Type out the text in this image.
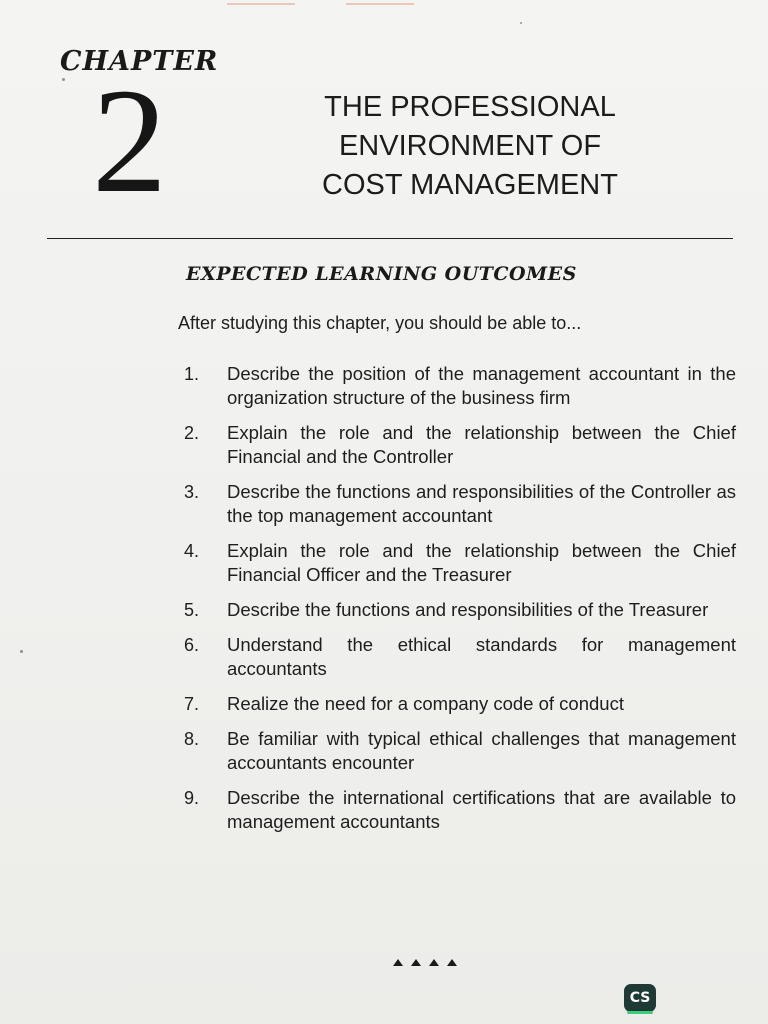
CHAPTER
2	THE PROFESSIONAL
ENVIRONMENT OF
COST MANAGEMENT
EXPECTED LEARNING OUTCOMES
After studying this chapter, you should be able to...
1.	Describe the position of the management accountant in the organization structure of the business firm
2.	Explain the role and the relationship between the Chief Financial and the Controller
3.	Describe the functions and responsibilities of the Controller as the top management accountant
4.	Explain the role and the relationship between the Chief Financial Officer and the Treasurer
5.	Describe the functions and responsibilities of the Treasurer
6.	Understand the ethical standards for management accountants
7.	Realize the need for a company code of conduct
8.	Be familiar with typical ethical challenges that management accountants encounter
9.	Describe the international certifications that are available to management accountants
CS
